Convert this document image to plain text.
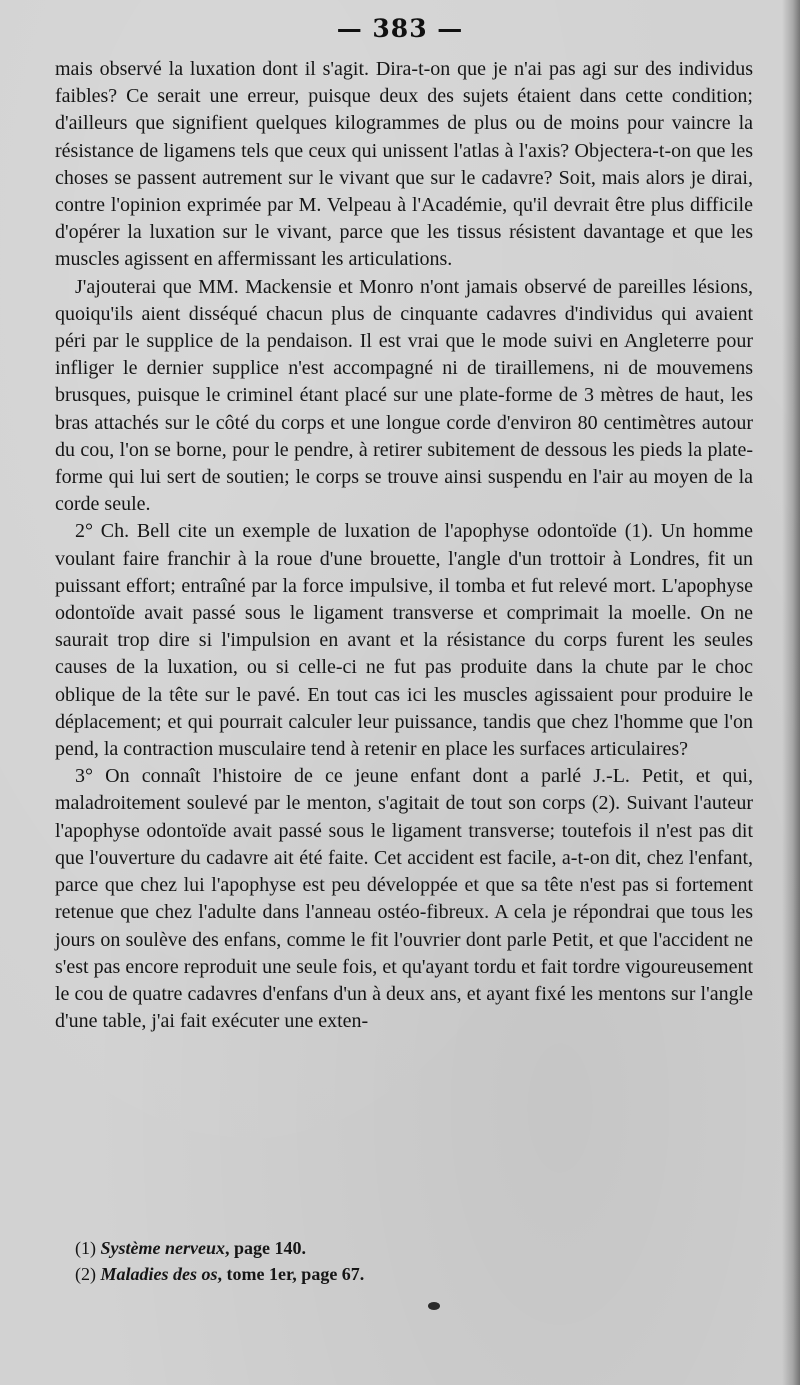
— 383 —

mais observé la luxation dont il s'agit. Dira-t-on que je n'ai pas agi sur des individus faibles? Ce serait une erreur, puisque deux des sujets étaient dans cette condition; d'ailleurs que signifient quelques kilogrammes de plus ou de moins pour vaincre la résistance de ligamens tels que ceux qui unissent l'atlas à l'axis? Objectera-t-on que les choses se passent autrement sur le vivant que sur le cadavre? Soit, mais alors je dirai, contre l'opinion exprimée par M. Velpeau à l'Académie, qu'il devrait être plus difficile d'opérer la luxation sur le vivant, parce que les tissus résistent davantage et que les muscles agissent en affermissant les articulations.

J'ajouterai que MM. Mackensie et Monro n'ont jamais observé de pareilles lésions, quoiqu'ils aient disséqué chacun plus de cinquante cadavres d'individus qui avaient péri par le supplice de la pendaison. Il est vrai que le mode suivi en Angleterre pour infliger le dernier supplice n'est accompagné ni de tiraillemens, ni de mouvemens brusques, puisque le criminel étant placé sur une plate-forme de 3 mètres de haut, les bras attachés sur le côté du corps et une longue corde d'environ 80 centimètres autour du cou, l'on se borne, pour le pendre, à retirer subitement de dessous les pieds la plate-forme qui lui sert de soutien; le corps se trouve ainsi suspendu en l'air au moyen de la corde seule.

2° Ch. Bell cite un exemple de luxation de l'apophyse odontoïde (1). Un homme voulant faire franchir à la roue d'une brouette, l'angle d'un trottoir à Londres, fit un puissant effort; entraîné par la force impulsive, il tomba et fut relevé mort. L'apophyse odontoïde avait passé sous le ligament transverse et comprimait la moelle. On ne saurait trop dire si l'impulsion en avant et la résistance du corps furent les seules causes de la luxation, ou si celle-ci ne fut pas produite dans la chute par le choc oblique de la tête sur le pavé. En tout cas ici les muscles agissaient pour produire le déplacement; et qui pourrait calculer leur puissance, tandis que chez l'homme que l'on pend, la contraction musculaire tend à retenir en place les surfaces articulaires?

3° On connaît l'histoire de ce jeune enfant dont a parlé J.-L. Petit, et qui, maladroitement soulevé par le menton, s'agitait de tout son corps (2). Suivant l'auteur l'apophyse odontoïde avait passé sous le ligament transverse; toutefois il n'est pas dit que l'ouverture du cadavre ait été faite. Cet accident est facile, a-t-on dit, chez l'enfant, parce que chez lui l'apophyse est peu développée et que sa tête n'est pas si fortement retenue que chez l'adulte dans l'anneau ostéo-fibreux. A cela je répondrai que tous les jours on soulève des enfans, comme le fit l'ouvrier dont parle Petit, et que l'accident ne s'est pas encore reproduit une seule fois, et qu'ayant tordu et fait tordre vigoureusement le cou de quatre cadavres d'enfans d'un à deux ans, et ayant fixé les mentons sur l'angle d'une table, j'ai fait exécuter une exten-

(1) Système nerveux, page 140.

(2) Maladies des os, tome 1er, page 67.
